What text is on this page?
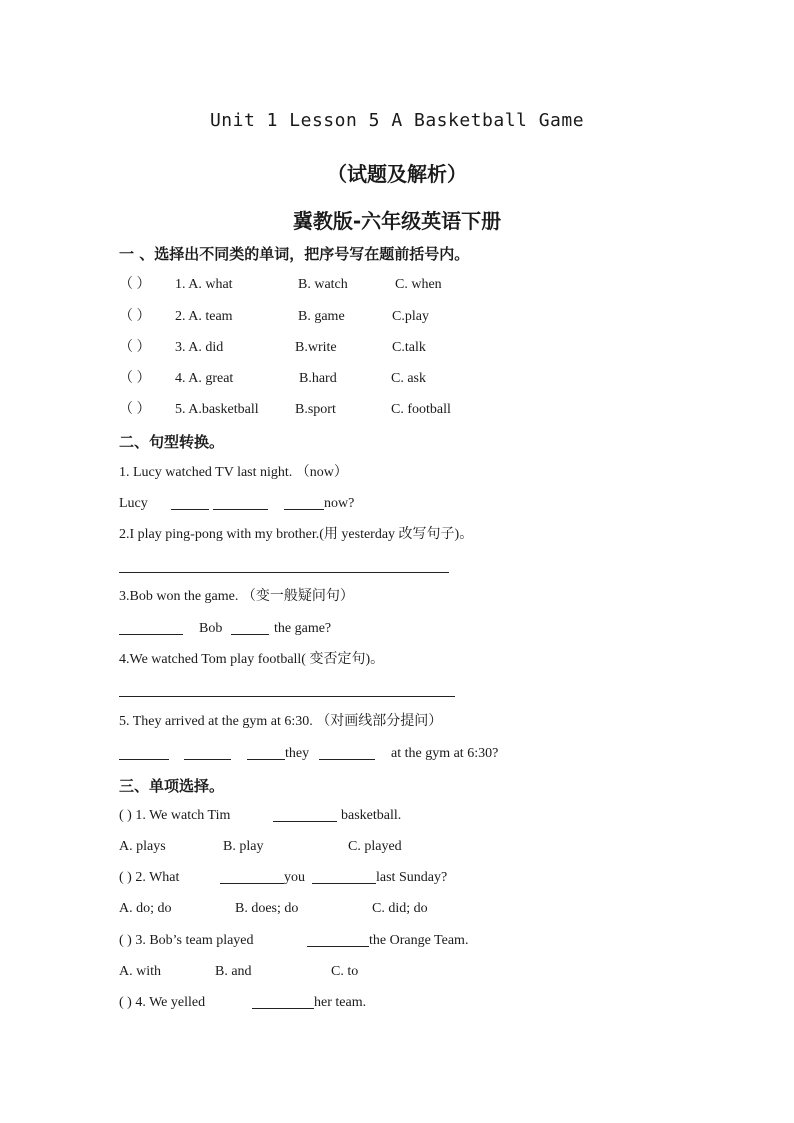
Unit 1 Lesson 5 A Basketball Game
（试题及解析）
冀教版-六年级英语下册
一 、选择出不同类的单词，把序号写在题前括号内。
（ ） 1. A. what	B. watch	C. when
（ ） 2. A. team	B. game	C.play
（ ） 3. A. did	B.write	C.talk
（ ） 4. A. great	B.hard	C. ask
（ ） 5. A.basketball	B.sport	C. football
二、句型转换。
1. Lucy watched TV last night. （now）
Lucy	now?
2.I play ping-pong with my brother.(用 yesterday 改写句子)。
3.Bob won the game. （变一般疑问句）
Bob	the game?
4.We watched Tom play football( 变否定句)。
5. They arrived at the gym at 6:30. （对画线部分提问）
they	at the gym at 6:30?
三、单项选择。
( ) 1. We watch Tim	basketball.
A. plays	B. play	C. played
( ) 2. What	you	last Sunday?
A. do; do	B. does; do	C. did; do
( ) 3. Bob’s team played	the Orange Team.
A. with	B. and	C. to
( ) 4. We yelled	her team.
